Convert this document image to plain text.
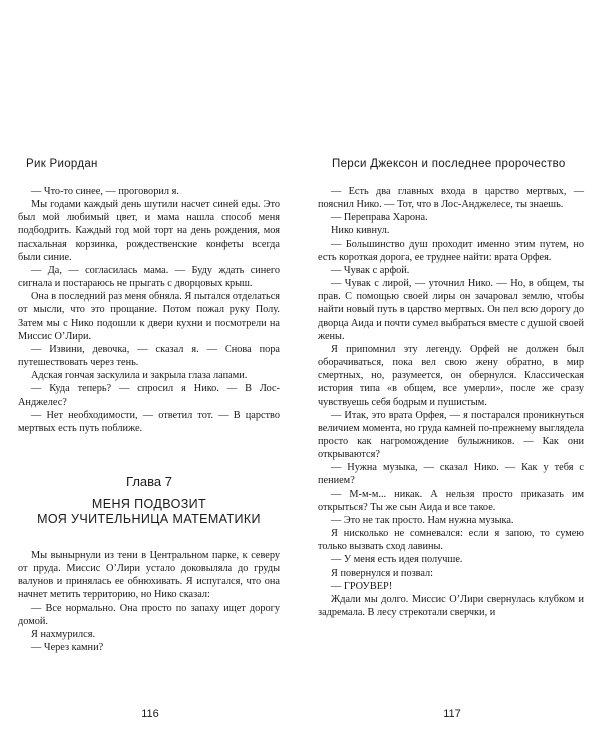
Рик Риордан

— Что-то синее, — проговорил я.

Мы годами каждый день шутили насчет синей еды. Это был мой любимый цвет, и мама нашла способ меня подбодрить. Каждый год мой торт на день рождения, моя пасхальная корзинка, рождественские конфеты всегда были синие.

— Да, — согласилась мама. — Буду ждать синего сигнала и постараюсь не прыгать с дворцовых крыш.

Она в последний раз меня обняла. Я пытался отделаться от мысли, что это прощание. Потом пожал руку Полу. Затем мы с Нико подошли к двери кухни и посмотрели на Миссис О’Лири.

— Извини, девочка, — сказал я. — Снова пора путешествовать через тень.

Адская гончая заскулила и закрыла глаза лапами.

— Куда теперь? — спросил я Нико. — В Лос-Анджелес?

— Нет необходимости, — ответил тот. — В царство мертвых есть путь поближе.

Глава 7
МЕНЯ ПОДВОЗИТ
МОЯ УЧИТЕЛЬНИЦА МАТЕМАТИКИ

Мы вынырнули из тени в Центральном парке, к северу от пруда. Миссис О’Лири устало доковыляла до груды валунов и принялась ее обнюхивать. Я испугался, что она начнет метить территорию, но Нико сказал:

— Все нормально. Она просто по запаху ищет дорогу домой.

Я нахмурился.

— Через камни?

116
Перси Джексон и последнее пророчество

— Есть два главных входа в царство мертвых, — пояснил Нико. — Тот, что в Лос-Анджелесе, ты знаешь.

— Переправа Харона.

Нико кивнул.

— Большинство душ проходит именно этим путем, но есть короткая дорога, ее труднее найти: врата Орфея.

— Чувак с арфой.

— Чувак с лирой, — уточнил Нико. — Но, в общем, ты прав. С помощью своей лиры он зачаровал землю, чтобы найти новый путь в царство мертвых. Он пел всю дорогу до дворца Аида и почти сумел выбраться вместе с душой своей жены.

Я припомнил эту легенду. Орфей не должен был оборачиваться, пока вел свою жену обратно, в мир смертных, но, разумеется, он обернулся. Классическая история типа «в общем, все умерли», после же сразу чувствуешь себя бодрым и пушистым.

— Итак, это врата Орфея, — я постарался проникнуться величием момента, но груда камней по-прежнему выглядела просто как нагромождение булыжников. — Как они открываются?

— Нужна музыка, — сказал Нико. — Как у тебя с пением?

— М-м-м... никак. А нельзя просто приказать им открыться? Ты же сын Аида и все такое.

— Это не так просто. Нам нужна музыка.

Я нисколько не сомневался: если я запою, то сумею только вызвать сход лавины.

— У меня есть идея получше.

Я повернулся и позвал:

— ГРОУВЕР!

Ждали мы долго. Миссис О’Лири свернулась клубком и задремала. В лесу стрекотали сверчки, и

117
